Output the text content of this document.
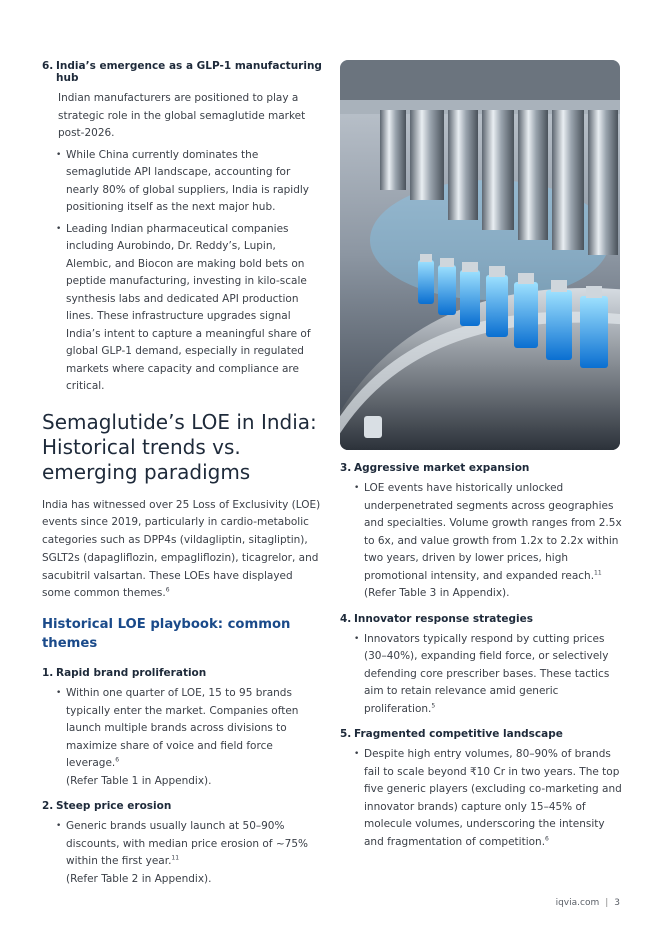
6. India’s emergence as a GLP-1 manufacturing hub

Indian manufacturers are positioned to play a strategic role in the global semaglutide market post-2026.

• While China currently dominates the semaglutide API landscape, accounting for nearly 80% of global suppliers, India is rapidly positioning itself as the next major hub.
• Leading Indian pharmaceutical companies including Aurobindo, Dr. Reddy’s, Lupin, Alembic, and Biocon are making bold bets on peptide manufacturing, investing in kilo-scale synthesis labs and dedicated API production lines. These infrastructure upgrades signal India’s intent to capture a meaningful share of global GLP-1 demand, especially in regulated markets where capacity and compliance are critical.
Semaglutide’s LOE in India: Historical trends vs. emerging paradigms

India has witnessed over 25 Loss of Exclusivity (LOE) events since 2019, particularly in cardio-metabolic categories such as DPP4s (vildagliptin, sitagliptin), SGLT2s (dapagliflozin, empagliflozin), ticagrelor, and sacubitril valsartan. These LOEs have displayed some common themes.$^6$

Historical LOE playbook: common themes
1. Rapid brand proliferation
• Within one quarter of LOE, 15 to 95 brands typically enter the market. Companies often launch multiple brands across divisions to maximize share of voice and field force leverage.$^6$
(Refer Table 1 in Appendix).
2. Steep price erosion
• Generic brands usually launch at 50–90% discounts, with median price erosion of ~75% within the first year.$^{11}$
(Refer Table 2 in Appendix).
3. Aggressive market expansion
• LOE events have historically unlocked underpenetrated segments across geographies and specialties. Volume growth ranges from 2.5x to 6x, and value growth from 1.2x to 2.2x within two years, driven by lower prices, high promotional intensity, and expanded reach.$^{11}$
(Refer Table 3 in Appendix).
4. Innovator response strategies
• Innovators typically respond by cutting prices (30–40%), expanding field force, or selectively defending core prescriber bases. These tactics aim to retain relevance amid generic proliferation.$^5$
5. Fragmented competitive landscape
• Despite high entry volumes, 80–90% of brands fail to scale beyond ₹10 Cr in two years. The top five generic players (excluding co-marketing and innovator brands) capture only 15–45% of molecule volumes, underscoring the intensity and fragmentation of competition.$^6$
iqvia.com | 3
